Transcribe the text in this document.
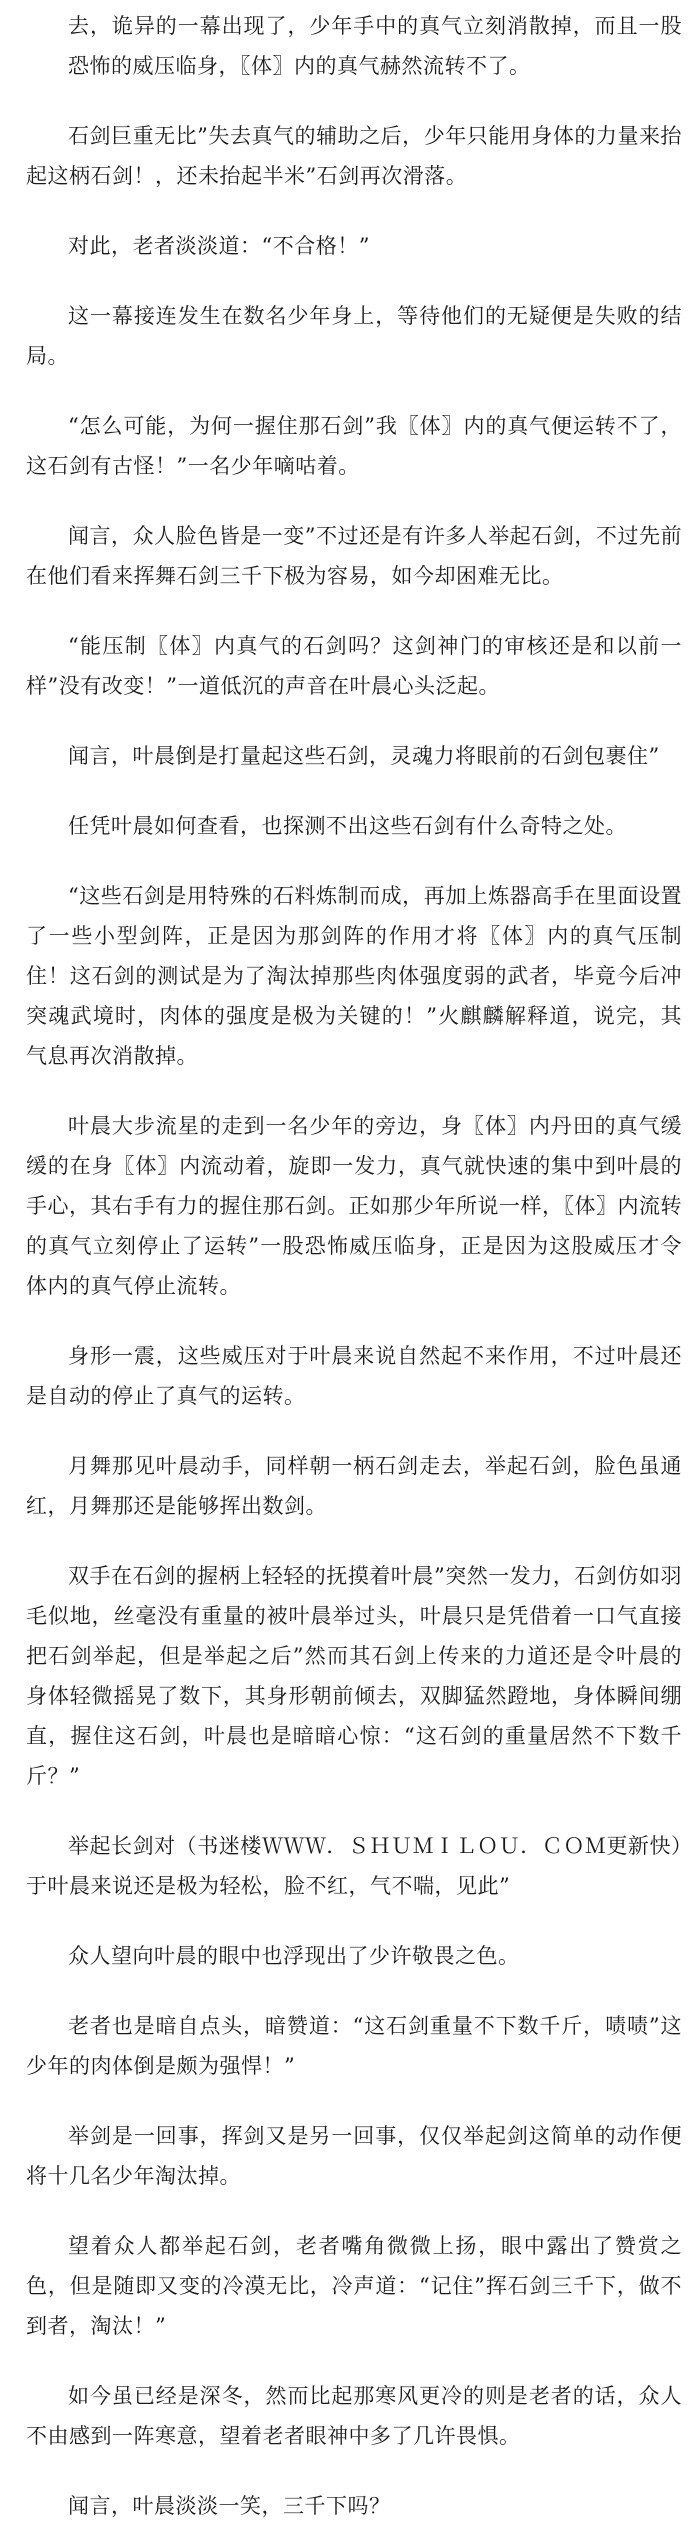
去，诡异的一幕出现了，少年手中的真气立刻消散掉，而且一股恐怖的威压临身，〖体〗内的真气赫然流转不了。

石剑巨重无比”失去真气的辅助之后，少年只能用身体的力量来抬起这柄石剑！，还未抬起半米”石剑再次滑落。

对此，老者淡淡道：“不合格！”

这一幕接连发生在数名少年身上，等待他们的无疑便是失败的结局。

“怎么可能，为何一握住那石剑”我〖体〗内的真气便运转不了，这石剑有古怪！”一名少年嘀咕着。

闻言，众人脸色皆是一变”不过还是有许多人举起石剑，不过先前在他们看来挥舞石剑三千下极为容易，如今却困难无比。

“能压制〖体〗内真气的石剑吗？这剑神门的审核还是和以前一样”没有改变！”一道低沉的声音在叶晨心头泛起。

闻言，叶晨倒是打量起这些石剑，灵魂力将眼前的石剑包裹住”

任凭叶晨如何查看，也探测不出这些石剑有什么奇特之处。

“这些石剑是用特殊的石料炼制而成，再加上炼器高手在里面设置了一些小型剑阵，正是因为那剑阵的作用才将〖体〗内的真气压制住！这石剑的测试是为了淘汰掉那些肉体强度弱的武者，毕竟今后冲突魂武境时，肉体的强度是极为关键的！”火麒麟解释道，说完，其气息再次消散掉。

叶晨大步流星的走到一名少年的旁边，身〖体〗内丹田的真气缓缓的在身〖体〗内流动着，旋即一发力，真气就快速的集中到叶晨的手心，其右手有力的握住那石剑。正如那少年所说一样，〖体〗内流转的真气立刻停止了运转”一股恐怖威压临身，正是因为这股威压才令体内的真气停止流转。

身形一震，这些威压对于叶晨来说自然起不来作用，不过叶晨还是自动的停止了真气的运转。

月舞那见叶晨动手，同样朝一柄石剑走去，举起石剑，脸色虽通红，月舞那还是能够挥出数剑。

双手在石剑的握柄上轻轻的抚摸着叶晨”突然一发力，石剑仿如羽毛似地，丝毫没有重量的被叶晨举过头，叶晨只是凭借着一口气直接把石剑举起，但是举起之后”然而其石剑上传来的力道还是令叶晨的身体轻微摇晃了数下，其身形朝前倾去，双脚猛然蹬地，身体瞬间绷直，握住这石剑，叶晨也是暗暗心惊：“这石剑的重量居然不下数千斤？”

举起长剑对（书迷楼ＷＷＷ．ＳＨＵＭＩＬＯＵ．ＣＯＭ更新快）于叶晨来说还是极为轻松，脸不红，气不喘，见此”

众人望向叶晨的眼中也浮现出了少许敬畏之色。

老者也是暗自点头，暗赞道：“这石剑重量不下数千斤，啧啧”这少年的肉体倒是颇为强悍！”

举剑是一回事，挥剑又是另一回事，仅仅举起剑这简单的动作便将十几名少年淘汰掉。

望着众人都举起石剑，老者嘴角微微上扬，眼中露出了赞赏之色，但是随即又变的冷漠无比，冷声道：“记住”挥石剑三千下，做不到者，淘汰！”

如今虽已经是深冬，然而比起那寒风更冷的则是老者的话，众人不由感到一阵寒意，望着老者眼神中多了几许畏惧。

闻言，叶晨淡淡一笑，三千下吗？
